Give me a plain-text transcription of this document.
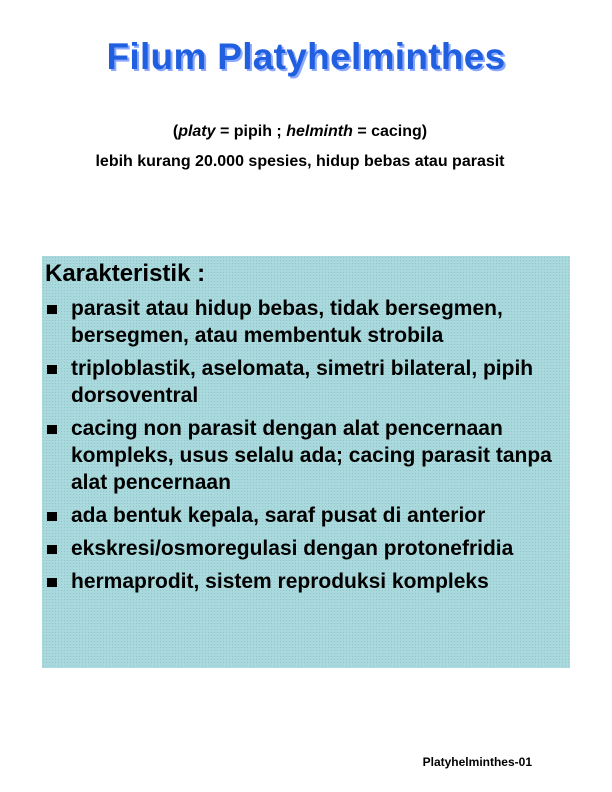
Filum Platyhelminthes
(platy = pipih ; helminth = cacing)
lebih kurang 20.000 spesies, hidup bebas atau parasit
Karakteristik :
parasit atau hidup bebas, tidak bersegmen, bersegmen, atau membentuk strobila
triploblastik, aselomata, simetri bilateral, pipih dorsoventral
cacing non parasit dengan alat pencernaan kompleks, usus selalu ada; cacing parasit tanpa alat pencernaan
ada bentuk kepala, saraf pusat di anterior
ekskresi/osmoregulasi dengan protonefridia
hermaprodit, sistem reproduksi kompleks
Platyhelminthes-01
